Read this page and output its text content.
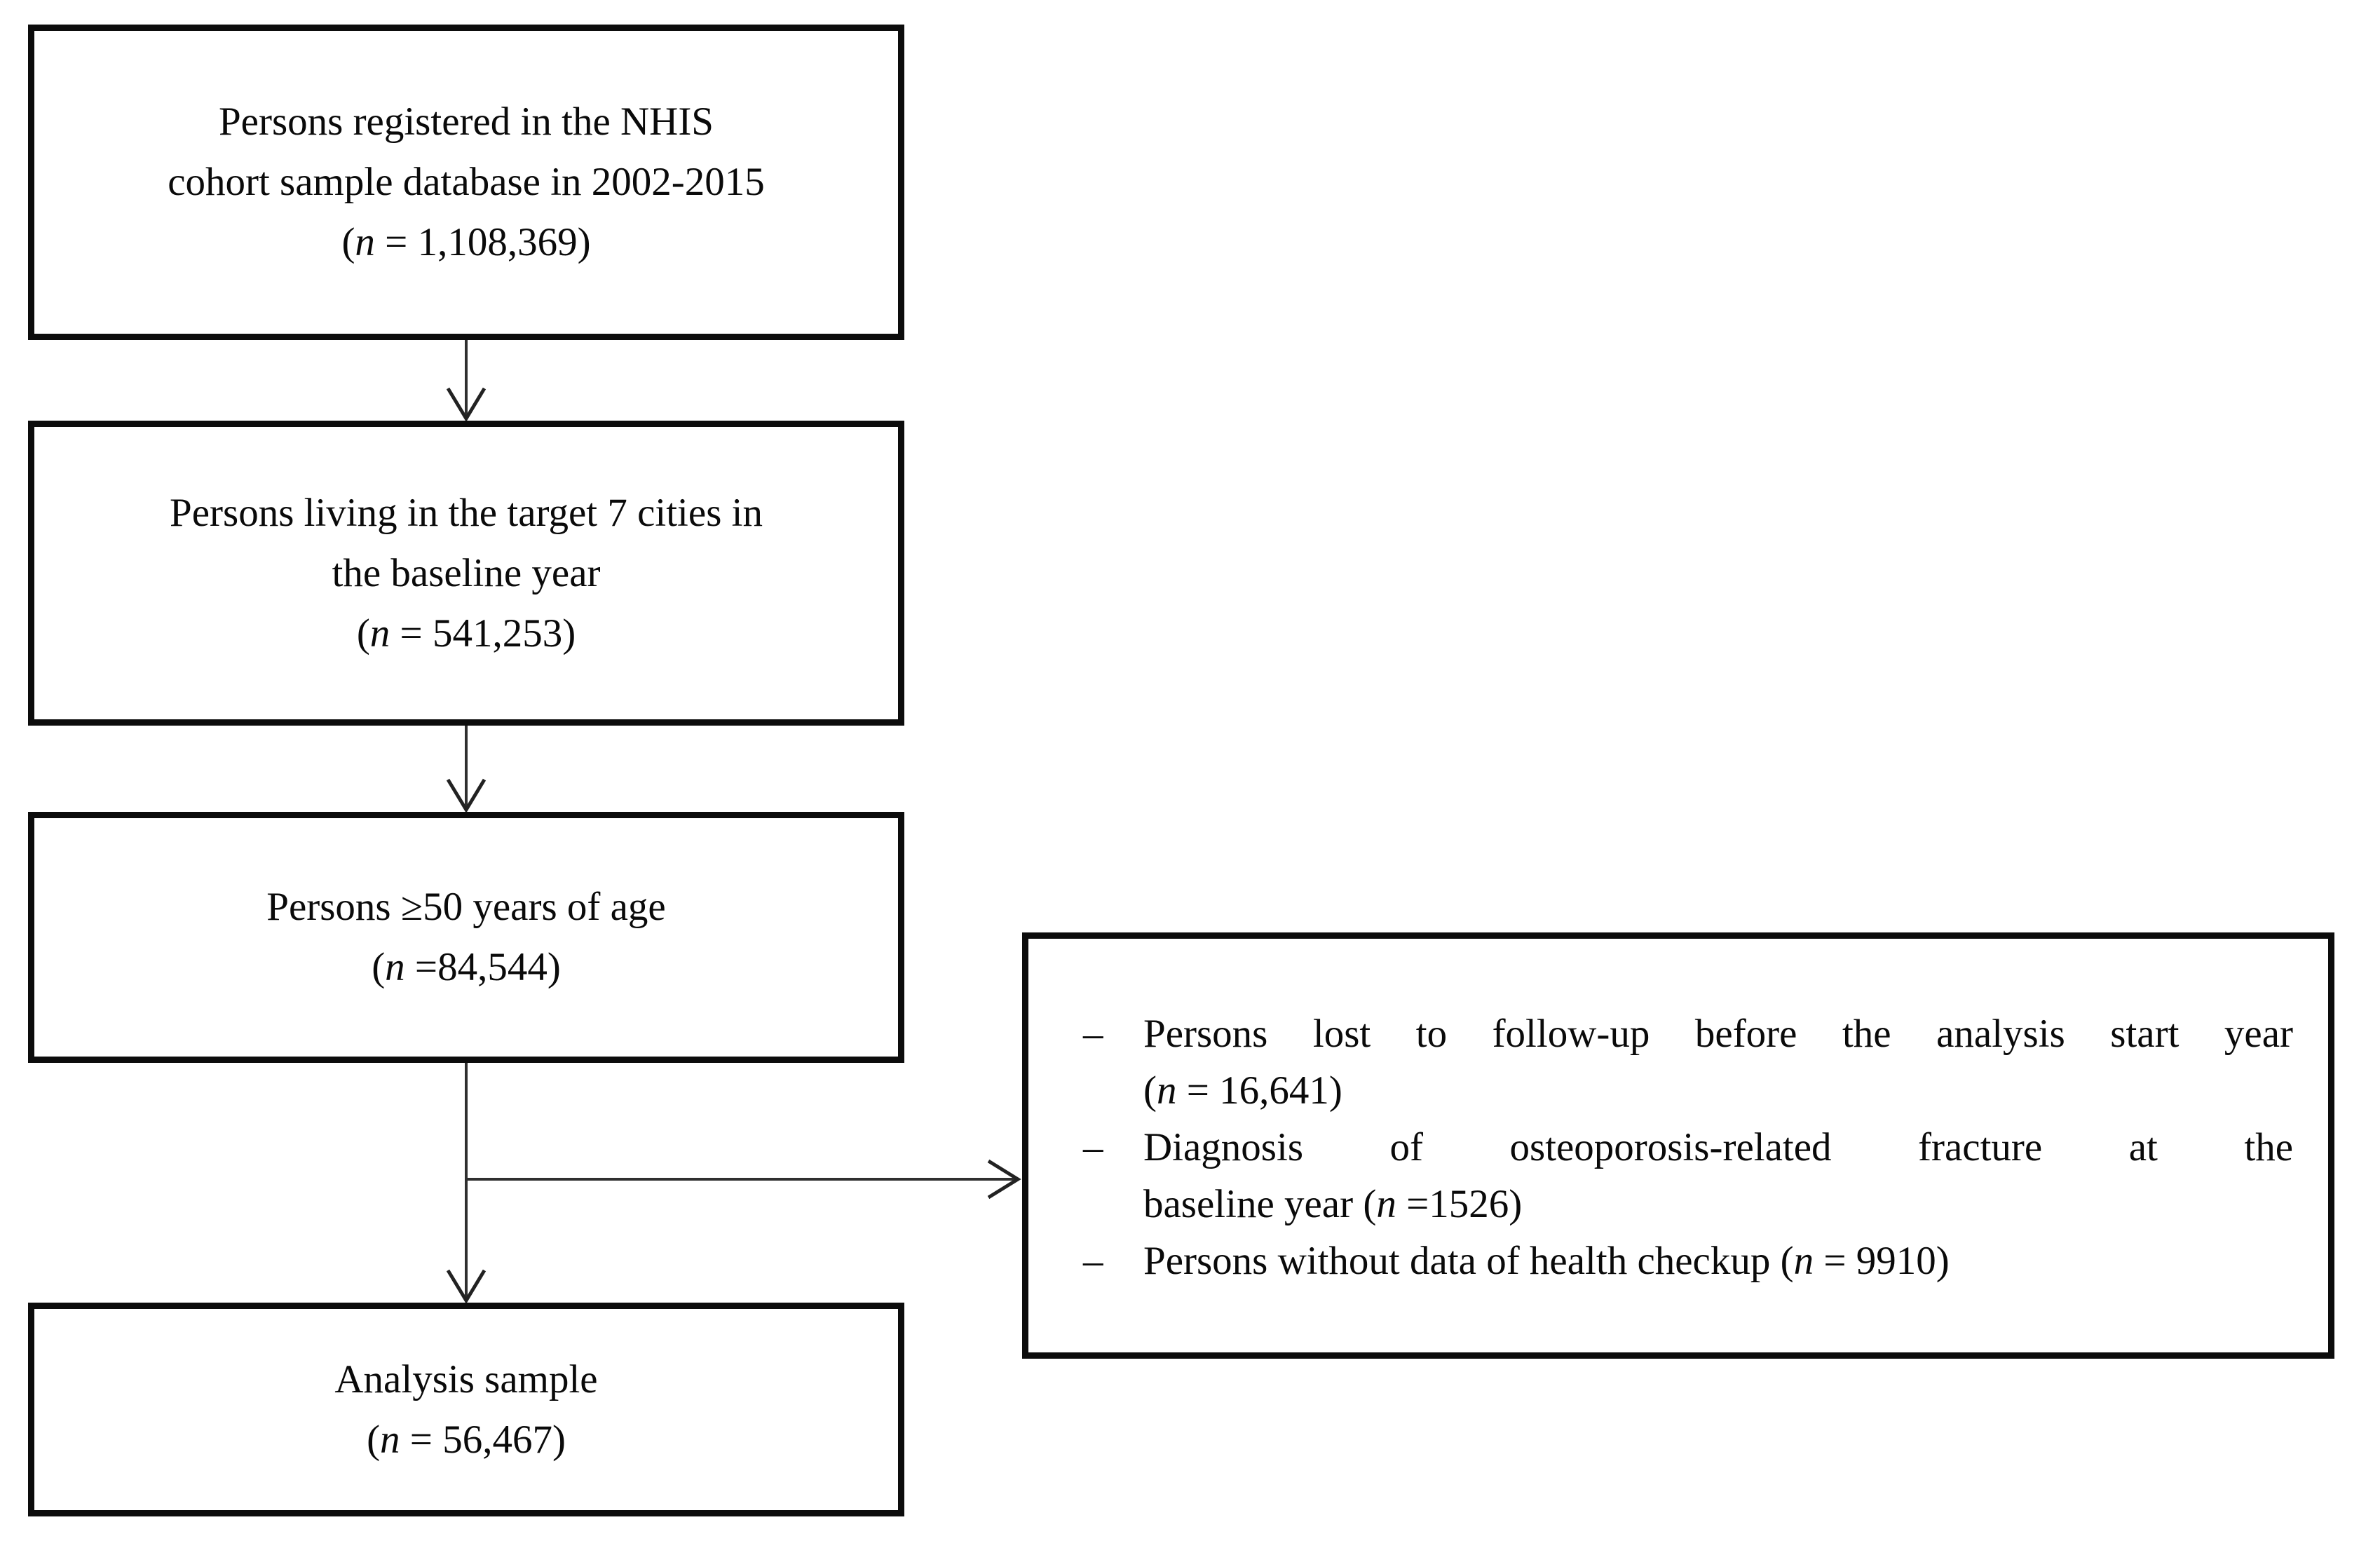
Persons registered in the NHIS
cohort sample database in 2002-2015
(n = 1,108,369)
Persons living in the target 7 cities in
the baseline year
(n = 541,253)
Persons ≥50 years of age
(n =84,544)
Analysis sample
(n = 56,467)
–	Persons lost to follow-up before the analysis start year
(n = 16,641)
–	Diagnosis of osteoporosis-related fracture at the
baseline year (n =1526)
–	Persons without data of health checkup (n = 9910)
